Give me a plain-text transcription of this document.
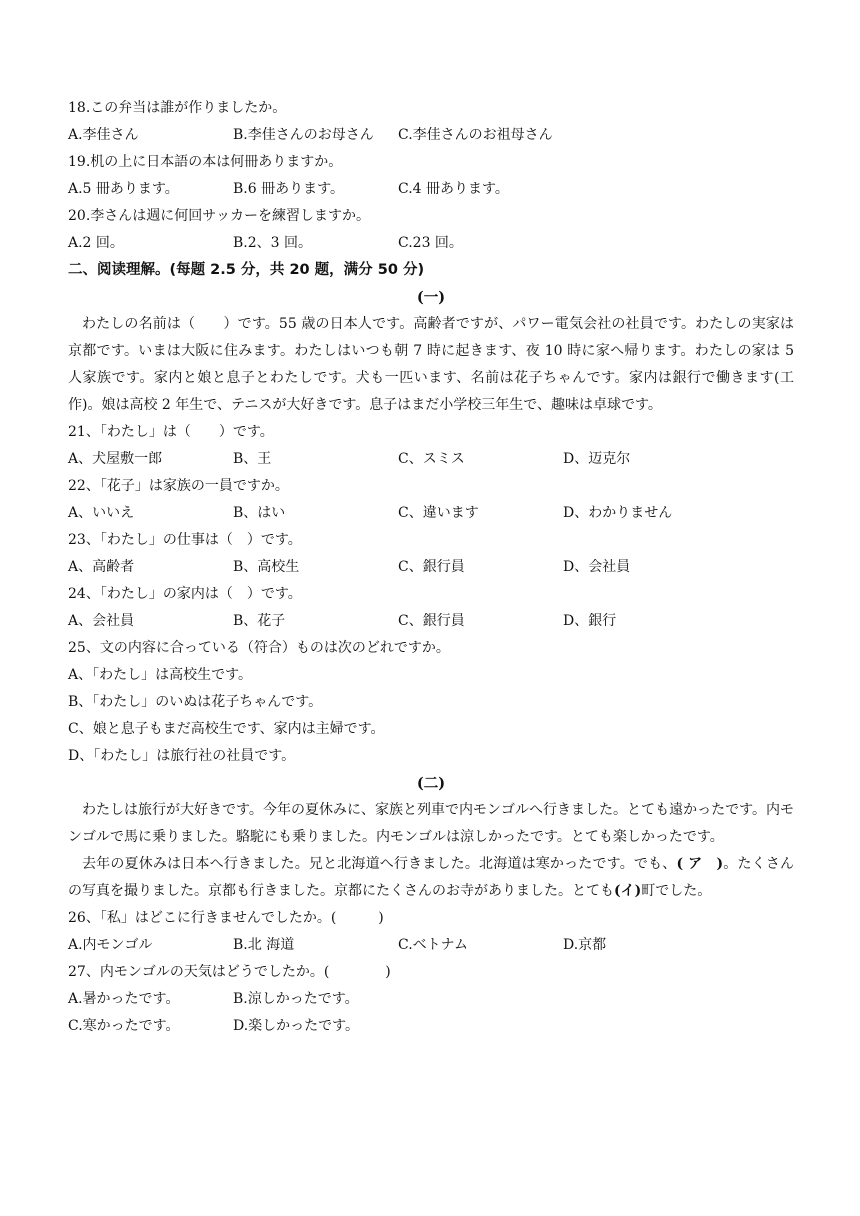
18.この弁当は誰が作りましたか。
A.李佳さん	B.李佳さんのお母さん	C.李佳さんのお祖母さん
19.机の上に日本語の本は何冊ありますか。
A.5 冊あります。	B.6 冊あります。	C.4 冊あります。
20.李さんは週に何回サッカーを練習しますか。
A.2 回。	B.2、3 回。	C.23 回。
二、阅读理解。(每题 2.5 分，共 20 题，满分 50 分)
(一)

わたしの名前は（　　）です。55 歳の日本人です。高齢者ですが、パワー電気会社の社員です。わたしの実家は京都です。いまは大阪に住みます。わたしはいつも朝 7 時に起きます、夜 10 時に家へ帰ります。わたしの家は 5 人家族です。家内と娘と息子とわたしです。犬も一匹います、名前は花子ちゃんです。家内は銀行で働きます(工作)。娘は高校 2 年生で、テニスが大好きです。息子はまだ小学校三年生で、趣味は卓球です。

21、「わたし」は（　　）です。
A、犬屋敷一郎	B、王	C、スミス	D、迈克尔
22、「花子」は家族の一員ですか。
A、いいえ	B、はい	C、違います	D、わかりません
23、「わたし」の仕事は（　）です。
A、高齢者	B、高校生	C、銀行員	D、会社員
24、「わたし」の家内は（　）です。
A、会社員	B、花子	C、銀行員	D、銀行
25、文の内容に合っている（符合）ものは次のどれですか。
A、「わたし」は高校生です。
B、「わたし」のいぬは花子ちゃんです。
C、娘と息子もまだ高校生です、家内は主婦です。
D、「わたし」は旅行社の社員です。
(二)

わたしは旅行が大好きです。今年の夏休みに、家族と列車で内モンゴルへ行きました。とても遠かったです。内モンゴルで馬に乗りました。駱駝にも乗りました。内モンゴルは涼しかったです。とても楽しかったです。

去年の夏休みは日本へ行きました。兄と北海道へ行きました。北海道は寒かったです。でも、( ア　)。たくさんの写真を撮りました。京都も行きました。京都にたくさんのお寺がありました。とても(イ)町でした。

26、「私」はどこに行きませんでしたか。(　　　)
A.内モンゴル	B.北 海道	C.ベトナム	D.京都
27、内モンゴルの天気はどうでしたか。(　　　　)
A.暑かったです。	B.涼しかったです。
C.寒かったです。	D.楽しかったです。
